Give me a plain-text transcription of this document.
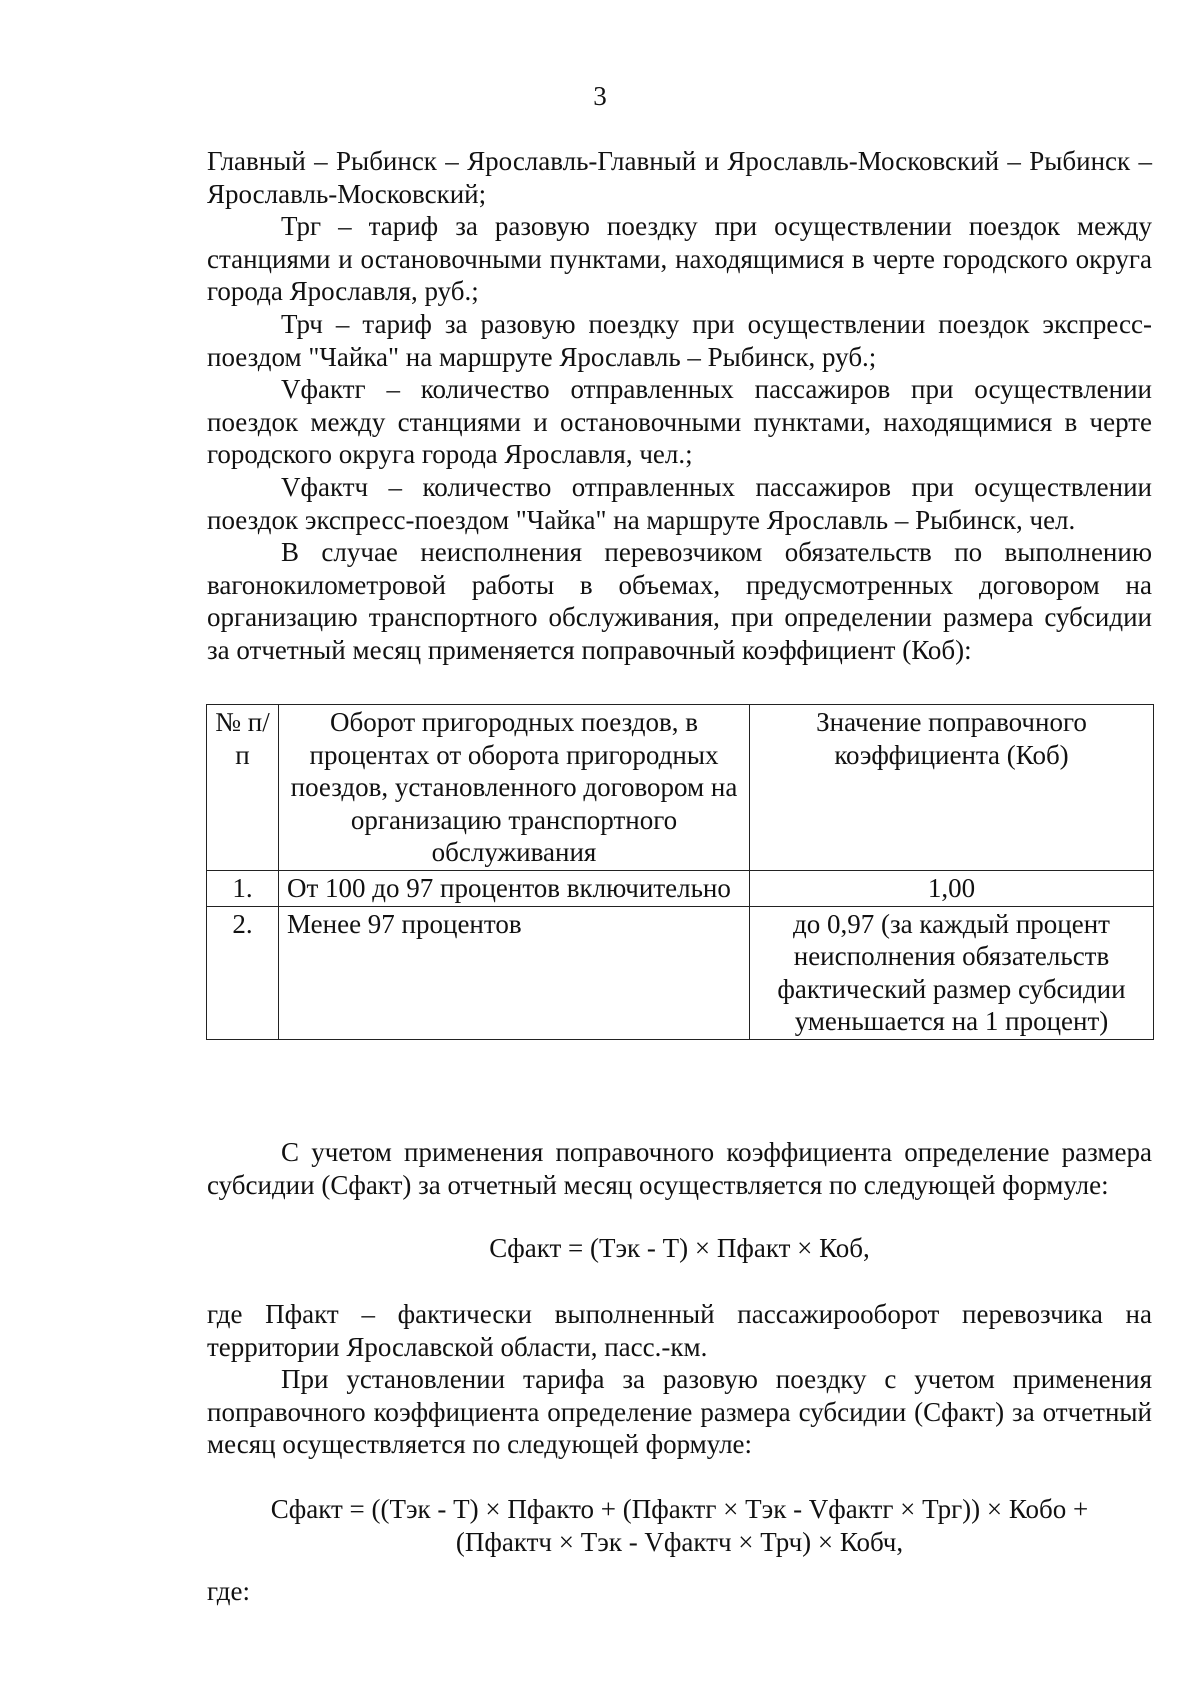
3

Главный – Рыбинск – Ярославль-Главный и Ярославль-Московский – Рыбинск – Ярославль-Московский;

Трг – тариф за разовую поездку при осуществлении поездок между станциями и остановочными пунктами, находящимися в черте городского округа города Ярославля, руб.;

Трч – тариф за разовую поездку при осуществлении поездок экспресс-поездом "Чайка" на маршруте Ярославль – Рыбинск, руб.;

Vфактг – количество отправленных пассажиров при осуществлении поездок между станциями и остановочными пунктами, находящимися в черте городского округа города Ярославля, чел.;

Vфактч – количество отправленных пассажиров при осуществлении поездок экспресс-поездом "Чайка" на маршруте Ярославль – Рыбинск, чел.

В случае неисполнения перевозчиком обязательств по выполнению вагонокилометровой работы в объемах, предусмотренных договором на организацию транспортного обслуживания, при определении размера субсидии за отчетный месяц применяется поправочный коэффициент (Коб):

№ п/п	Оборот пригородных поездов, в процентах от оборота пригородных поездов, установленного договором на организацию транспортного обслуживания	Значение поправочного коэффициента (Коб)
1.	От 100 до 97 процентов включительно	1,00
2.	Менее 97 процентов	до 0,97 (за каждый процент неисполнения обязательств фактический размер субсидии уменьшается на 1 процент)

С учетом применения поправочного коэффициента определение размера субсидии (Сфакт) за отчетный месяц осуществляется по следующей формуле:

Сфакт = (Тэк - Т) × Пфакт × Коб,

где Пфакт – фактически выполненный пассажирооборот перевозчика на территории Ярославской области, пасс.-км.

При установлении тарифа за разовую поездку с учетом применения поправочного коэффициента определение размера субсидии (Сфакт) за отчетный месяц осуществляется по следующей формуле:

Сфакт = ((Тэк - Т) × Пфакто + (Пфактг × Тэк - Vфактг × Трг)) × Кобо +
(Пфактч × Тэк - Vфактч × Трч) × Кобч,

где:
